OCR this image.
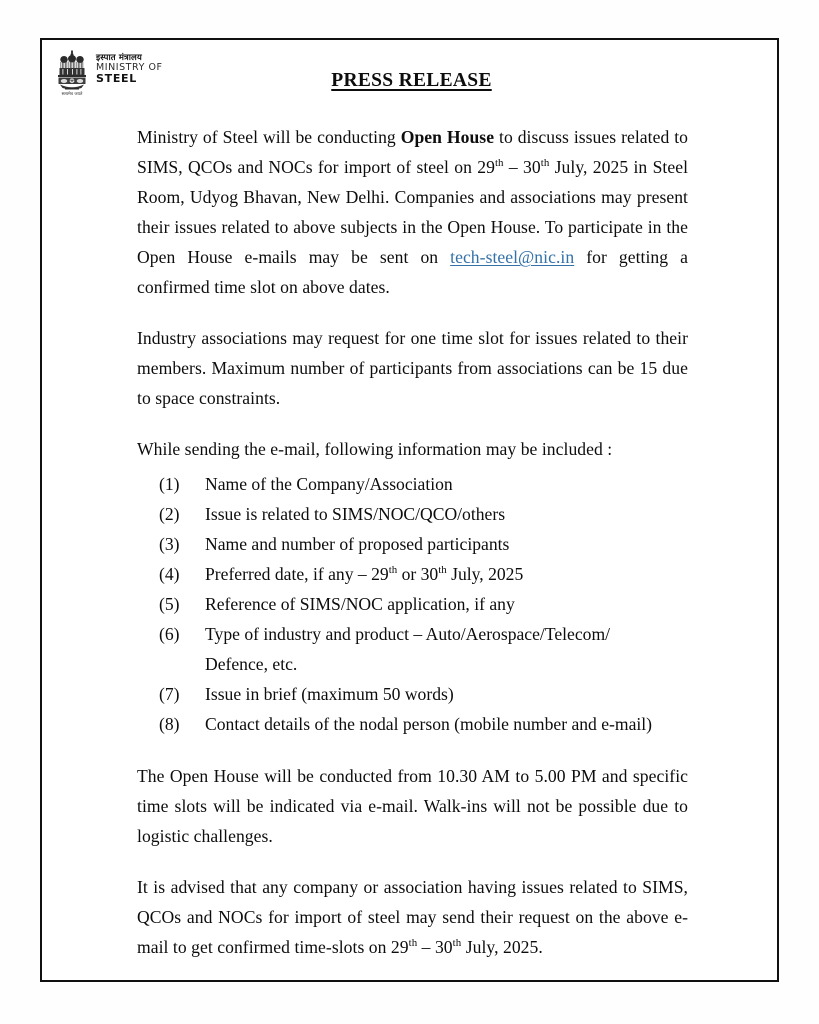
सत्यमेव जयते
इस्पात मंत्रालय
MINISTRY OF
STEEL	PRESS RELEASE

Ministry of Steel will be conducting Open House to discuss issues related to SIMS, QCOs and NOCs for import of steel on 29th – 30th July, 2025 in Steel Room, Udyog Bhavan, New Delhi. Companies and associations may present their issues related to above subjects in the Open House. To participate in the Open House e-mails may be sent on tech-steel@nic.in for getting a confirmed time slot on above dates.

Industry associations may request for one time slot for issues related to their members. Maximum number of participants from associations can be 15 due to space constraints.

While sending the e-mail, following information may be included :

(1)	Name of the Company/Association
(2)	Issue is related to SIMS/NOC/QCO/others
(3)	Name and number of proposed participants
(4)	Preferred date, if any – 29th or 30th July, 2025
(5)	Reference of SIMS/NOC application, if any
(6)	Type of industry and product – Auto/Aerospace/Telecom/
Defence, etc.
(7)	Issue in brief (maximum 50 words)
(8)	Contact details of the nodal person (mobile number and e-mail)

The Open House will be conducted from 10.30 AM to 5.00 PM and specific time slots will be indicated via e-mail. Walk-ins will not be possible due to logistic challenges.

It is advised that any company or association having issues related to SIMS, QCOs and NOCs for import of steel may send their request on the above e-mail to get confirmed time-slots on 29th – 30th July, 2025.
